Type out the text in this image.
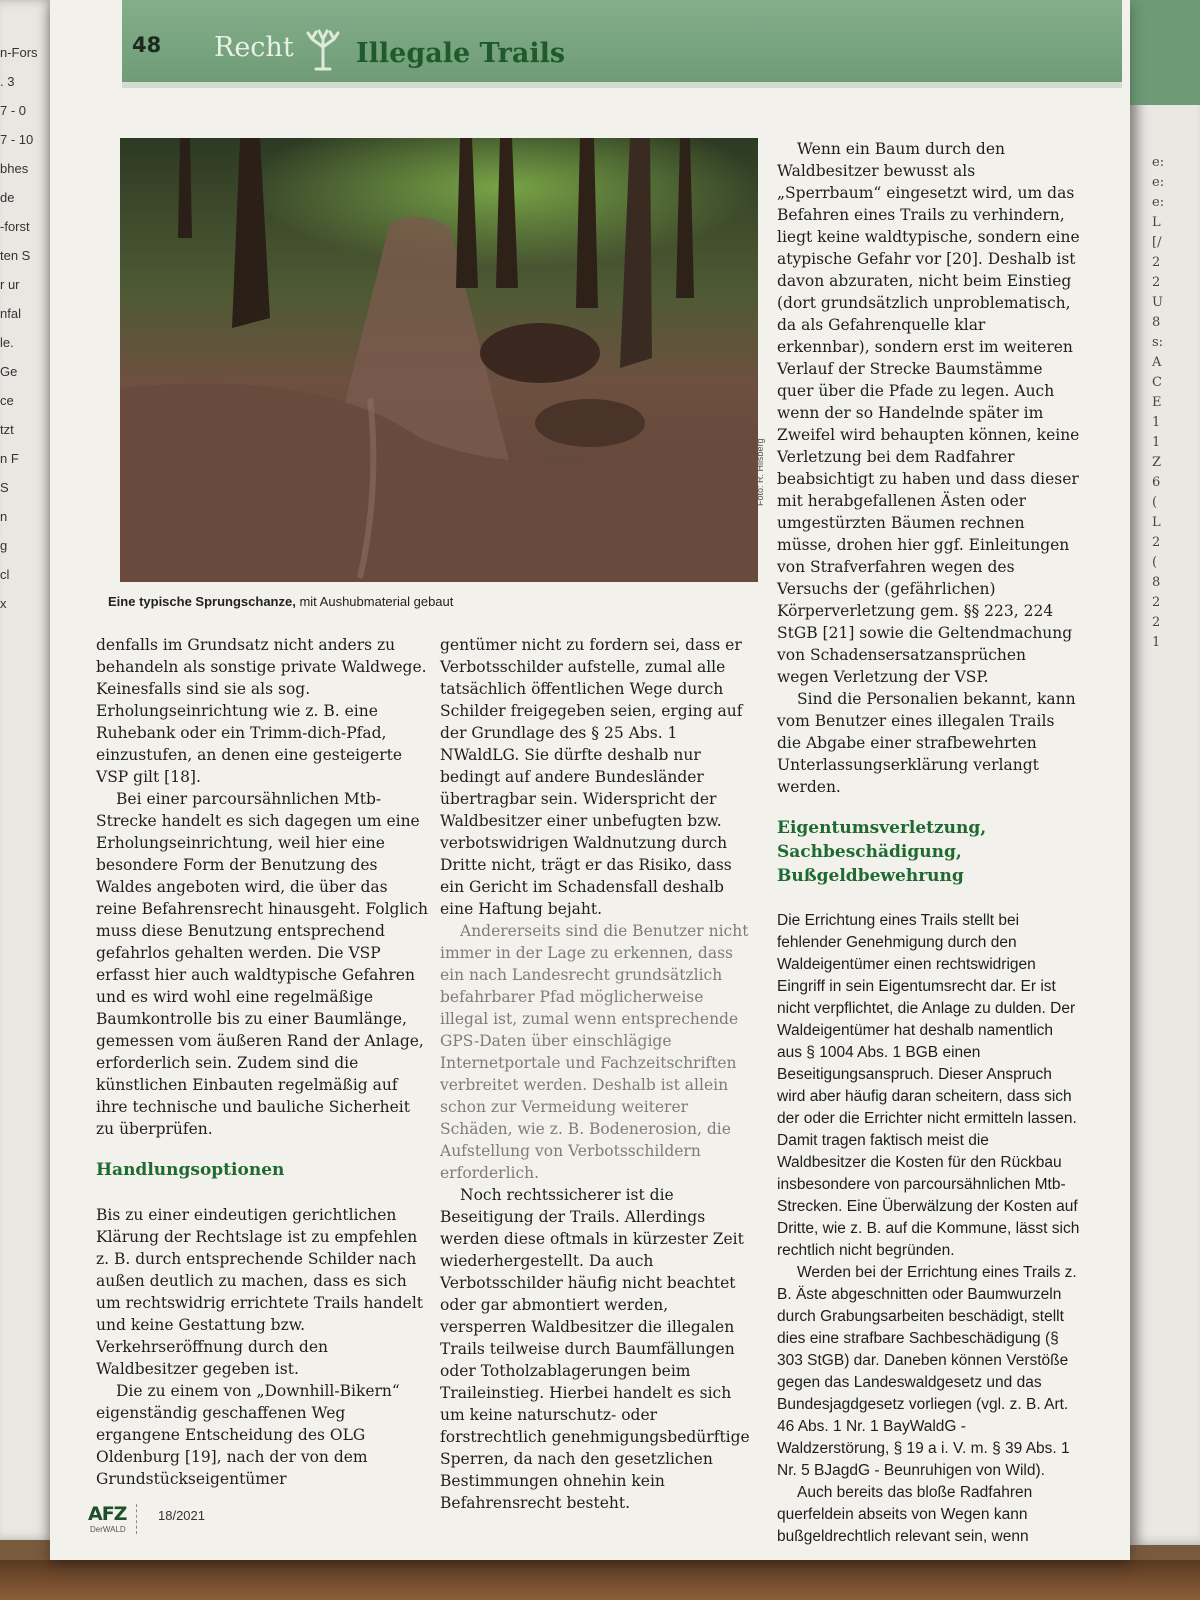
n-Fors
. 3
7 - 0
7 - 10
bhes
de
-forst
ten S
r ur
nfal
le.
Ge
ce
tzt
n F
S
n
g
cl
x
e:
e:
e:
L
[/
2
2
U
8
s:
A
C
E
1
1
Z
6
(
L
2
(
8
2
2
1
48 Recht Illegale Trails
Foto: R. Hilsberg
Eine typische Sprungschanze, mit Aushubmaterial gebaut

denfalls im Grundsatz nicht anders zu behandeln als sonstige private Waldwege. Keinesfalls sind sie als sog. Erholungseinrichtung wie z. B. eine Ruhebank oder ein Trimm-dich-Pfad, einzustufen, an denen eine gesteigerte VSP gilt [18].

Bei einer parcoursähnlichen Mtb-Strecke handelt es sich dagegen um eine Erholungseinrichtung, weil hier eine besondere Form der Benutzung des Waldes angeboten wird, die über das reine Befahrensrecht hinausgeht. Folglich muss diese Benutzung entsprechend gefahrlos gehalten werden. Die VSP erfasst hier auch waldtypische Gefahren und es wird wohl eine regelmäßige Baumkontrolle bis zu einer Baumlänge, gemessen vom äußeren Rand der Anlage, erforderlich sein. Zudem sind die künstlichen Einbauten regelmäßig auf ihre technische und bauliche Sicherheit zu überprüfen.

Handlungsoptionen

Bis zu einer eindeutigen gerichtlichen Klärung der Rechtslage ist zu empfehlen z. B. durch entsprechende Schilder nach außen deutlich zu machen, dass es sich um rechtswidrig errichtete Trails handelt und keine Gestattung bzw. Verkehrseröffnung durch den Waldbesitzer gegeben ist.

Die zu einem von „Downhill-Bikern“ eigenständig geschaffenen Weg ergangene Entscheidung des OLG Oldenburg [19], nach der von dem Grundstückseigentümer

gentümer nicht zu fordern sei, dass er Verbotsschilder aufstelle, zumal alle tatsächlich öffentlichen Wege durch Schilder freigegeben seien, erging auf der Grundlage des § 25 Abs. 1 NWaldLG. Sie dürfte deshalb nur bedingt auf andere Bundesländer übertragbar sein. Widerspricht der Waldbesitzer einer unbefugten bzw. verbotswidrigen Waldnutzung durch Dritte nicht, trägt er das Risiko, dass ein Gericht im Schadensfall deshalb eine Haftung bejaht.

Andererseits sind die Benutzer nicht immer in der Lage zu erkennen, dass ein nach Landesrecht grundsätzlich befahrbarer Pfad möglicherweise illegal ist, zumal wenn entsprechende GPS-Daten über einschlägige Internetportale und Fachzeitschriften verbreitet werden. Deshalb ist allein schon zur Vermeidung weiterer Schäden, wie z. B. Bodenerosion, die Aufstellung von Verbotsschildern erforderlich.

Noch rechtssicherer ist die Beseitigung der Trails. Allerdings werden diese oftmals in kürzester Zeit wiederhergestellt. Da auch Verbotsschilder häufig nicht beachtet oder gar abmontiert werden, versperren Waldbesitzer die illegalen Trails teilweise durch Baumfällungen oder Totholzablagerungen beim Traileinstieg. Hierbei handelt es sich um keine naturschutz- oder forstrechtlich genehmigungsbedürftige Sperren, da nach den gesetzlichen Bestimmungen ohnehin kein Befahrensrecht besteht.

Wenn ein Baum durch den Waldbesitzer bewusst als „Sperrbaum“ eingesetzt wird, um das Befahren eines Trails zu verhindern, liegt keine waldtypische, sondern eine atypische Gefahr vor [20]. Deshalb ist davon abzuraten, nicht beim Einstieg (dort grundsätzlich unproblematisch, da als Gefahrenquelle klar erkennbar), sondern erst im weiteren Verlauf der Strecke Baumstämme quer über die Pfade zu legen. Auch wenn der so Handelnde später im Zweifel wird behaupten können, keine Verletzung bei dem Radfahrer beabsichtigt zu haben und dass dieser mit herabgefallenen Ästen oder umgestürzten Bäumen rechnen müsse, drohen hier ggf. Einleitungen von Strafverfahren wegen des Versuchs der (gefährlichen) Körperverletzung gem. §§ 223, 224 StGB [21] sowie die Geltendmachung von Schadensersatzansprüchen wegen Verletzung der VSP.

Sind die Personalien bekannt, kann vom Benutzer eines illegalen Trails die Abgabe einer strafbewehrten Unterlassungserklärung verlangt werden.

Eigentumsverletzung, Sachbeschädigung, Bußgeldbewehrung

Die Errichtung eines Trails stellt bei fehlender Genehmigung durch den Waldeigentümer einen rechtswidrigen Eingriff in sein Eigentumsrecht dar. Er ist nicht verpflichtet, die Anlage zu dulden. Der Waldeigentümer hat deshalb namentlich aus § 1004 Abs. 1 BGB einen Beseitigungsanspruch. Dieser Anspruch wird aber häufig daran scheitern, dass sich der oder die Errichter nicht ermitteln lassen. Damit tragen faktisch meist die Waldbesitzer die Kosten für den Rückbau insbesondere von parcoursähnlichen Mtb-Strecken. Eine Überwälzung der Kosten auf Dritte, wie z. B. auf die Kommune, lässt sich rechtlich nicht begründen.

Werden bei der Errichtung eines Trails z. B. Äste abgeschnitten oder Baumwurzeln durch Grabungsarbeiten beschädigt, stellt dies eine strafbare Sachbeschädigung (§ 303 StGB) dar. Daneben können Verstöße gegen das Landeswaldgesetz und das Bundesjagdgesetz vorliegen (vgl. z. B. Art. 46 Abs. 1 Nr. 1 BayWaldG - Waldzerstörung, § 19 a i. V. m. § 39 Abs. 1 Nr. 5 BJagdG - Beunruhigen von Wild).

Auch bereits das bloße Radfahren querfeldein abseits von Wegen kann bußgeldrechtlich relevant sein, wenn

AFZ
DerWALD
18/2021
